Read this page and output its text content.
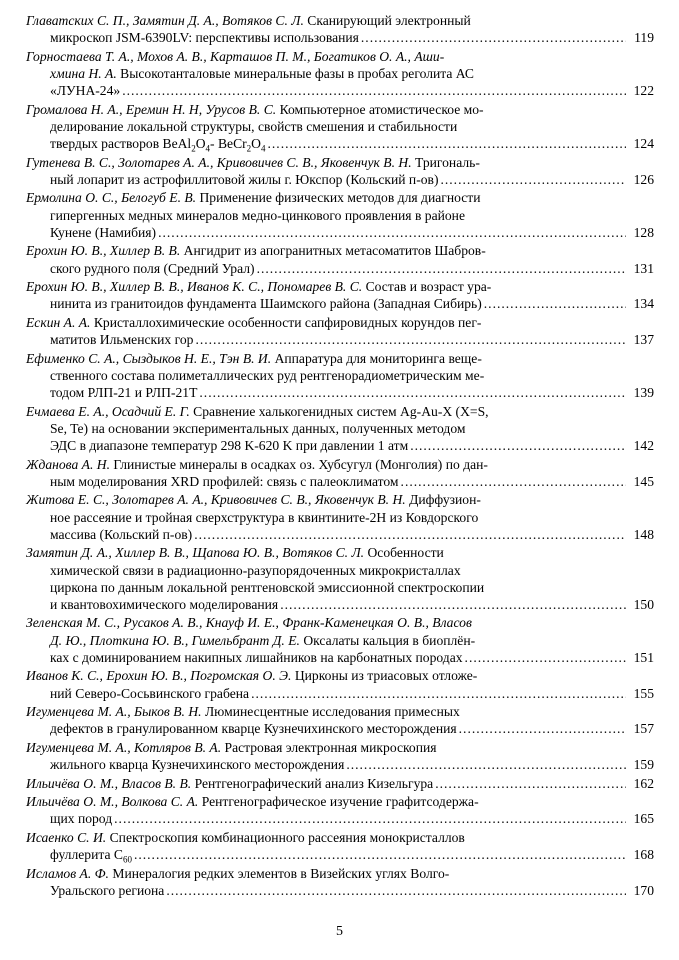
Главатских С. П., Замятин Д. А., Вотяков С. Л.
Сканирующий электронный
микроскоп JSM-6390LV: перспективы использования .....	119
Горностаева Т. А., Мохов А. В., Карташов П. М., Богатиков О. А., Аши-
хмина Н. А.
Высокотанталовые минеральные фазы в пробах реголита АС
«ЛУНА-24» .....	122
Громалова Н. А., Еремин Н. Н, Урусов В. С.
Компьютерное атомистическое мо-
делирование локальной структуры, свойств смешения и стабильности
твердых растворов $BeAl_2O_4-$ $BeCr_2O_4$ .....	124
Гутенева В. С., Золотарев А. А., Кривовичев С. В., Яковенчук В. Н.
Тригональ-
ный лопарит из астрофиллитовой жилы г. Юкспор (Кольский п-ов) .....	126
Ермолина О. С., Белогуб Е. В.
Применение физических методов для диагности
гипергенных медных минералов медно-цинкового проявления в районе
Кунене (Намибия) .....	128
Ерохин Ю. В., Хиллер В. В.
Ангидрит из апогранитных метасоматитов Шабров-
ского рудного поля (Средний Урал) .....	131
Ерохин Ю. В., Хиллер В. В., Иванов К. С., Пономарев В. С.
Состав и возраст ура-
нинита из гранитоидов фундамента Шаимского района (Западная Сибирь) .....	134
Ескин А. А.
Кристаллохимические особенности сапфировидных корундов пег-
матитов Ильменских гор .....	137
Ефименко С. А., Сыздыков Н. Е., Тэн В. И.
Аппаратура для мониторинга веще-
ственного состава полиметаллических руд рентгенорадиометрическим ме-
тодом РЛП-21 и РЛП-21Т .....	139
Ечмаева Е. А., Осадчий Е. Г.
Сравнение халькогенидных систем Ag-Au-X (X=S,
Se, Te) на основании экспериментальных данных, полученных методом
ЭДС в диапазоне температур 298 K-620 K при давлении 1 атм .....	142
Жданова А. Н.
Глинистые минералы в осадках оз. Хубсугул (Монголия) по дан-
ным моделирования XRD профилей: связь с палеоклиматом .....	145
Житова Е. С., Золотарев А. А., Кривовичев С. В., Яковенчук В. Н.
Диффузион-
ное рассеяние и тройная сверхструктура в квинтините-2H из Ковдорского
массива (Кольский п-ов) .....	148
Замятин Д. А., Хиллер В. В., Щапова Ю. В., Вотяков С. Л.
Особенности
химической связи в радиационно-разупорядоченных микрокристаллах
циркона по данным локальной рентгеновской эмиссионной спектроскопии
и квантовохимического моделирования .....	150
Зеленская М. С., Русаков А. В., Кнауф И. Е., Франк-Каменецкая О. В., Власов
Д. Ю., Плоткина Ю. В., Гимельбрант Д. Е.
Оксалаты кальция в биоплён-
ках с доминированием накипных лишайников на карбонатных породах .....	151
Иванов К. С., Ерохин Ю. В., Погромская О. Э.
Цирконы из триасовых отложе-
ний Северо-Сосьвинского грабена .....	155
Игуменцева М. А., Быков В. Н.
Люминесцентные исследования примесных
дефектов в гранулированном кварце Кузнечихинского месторождения .....	157
Игуменцева М. А., Котляров В. А.
Растровая электронная микроскопия
жильного кварца Кузнечихинского месторождения .....	159
Ильичёва О. М., Власов В. В.
Рентгенографический анализ Кизельгура .....	162
Ильичёва О. М., Волкова С. А.
Рентгенографическое изучение графитсодержа-
щих пород .....	165
Исаенко С. И.
Спектроскопия комбинационного рассеяния монокристаллов
фуллерита $C_{60}$ .....	168
Исламов А. Ф.
Минералогия редких элементов в Визейских углях Волго-
Уральского региона .....	170
5
